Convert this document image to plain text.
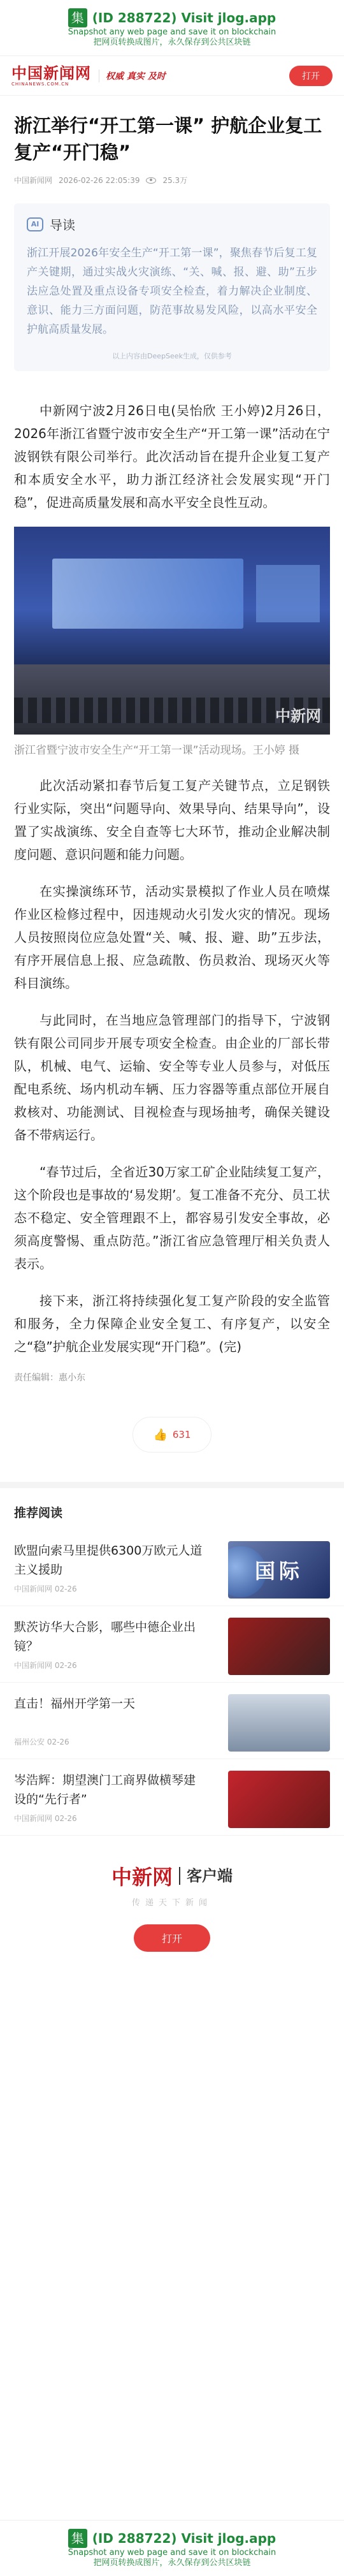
集 (ID 288722) Visit jlog.app
Snapshot any web page and save it on blockchain
把网页转换成图片，永久保存到公共区块链
中国新闻网
CHINANEWS.COM.CN
权威 真实 及时	打开
浙江举行“开工第一课” 护航企业复工复产“开门稳”
中国新闻网 2026-02-26 22:05:39	25.3万
AI 导读
浙江开展2026年安全生产“开工第一课”，聚焦春节后复工复产关键期，通过实战火灾演练、“关、喊、报、避、助”五步法应急处置及重点设备专项安全检查，着力解决企业制度、意识、能力三方面问题，防范事故易发风险，以高水平安全护航高质量发展。
以上内容由DeepSeek生成，仅供参考

中新网宁波2月26日电(吴怡欣 王小婷)2月26日，2026年浙江省暨宁波市安全生产“开工第一课”活动在宁波钢铁有限公司举行。此次活动旨在提升企业复工复产和本质安全水平，助力浙江经济社会发展实现“开门稳”，促进高质量发展和高水平安全良性互动。

中新网
浙江省暨宁波市安全生产“开工第一课”活动现场。王小婷 摄

此次活动紧扣春节后复工复产关键节点，立足钢铁行业实际，突出“问题导向、效果导向、结果导向”，设置了实战演练、安全自查等七大环节，推动企业解决制度问题、意识问题和能力问题。

在实操演练环节，活动实景模拟了作业人员在喷煤作业区检修过程中，因违规动火引发火灾的情况。现场人员按照岗位应急处置“关、喊、报、避、助”五步法，有序开展信息上报、应急疏散、伤员救治、现场灭火等科目演练。

与此同时，在当地应急管理部门的指导下，宁波钢铁有限公司同步开展专项安全检查。由企业的厂部长带队，机械、电气、运输、安全等专业人员参与，对低压配电系统、场内机动车辆、压力容器等重点部位开展自救核对、功能测试、目视检查与现场抽考，确保关键设备不带病运行。

“春节过后，全省近30万家工矿企业陆续复工复产，这个阶段也是事故的‘易发期’。复工准备不充分、员工状态不稳定、安全管理跟不上，都容易引发安全事故，必须高度警惕、重点防范。”浙江省应急管理厅相关负责人表示。

接下来，浙江将持续强化复工复产阶段的安全监管和服务，全力保障企业安全复工、有序复产，以安全之“稳”护航企业发展实现“开门稳”。(完)

责任编辑：惠小东
👍 631
推荐阅读
欧盟向索马里提供6300万欧元人道主义援助
中国新闻网 02-26
国际
默茨访华大合影，哪些中德企业出镜？
中国新闻网 02-26
直击！福州开学第一天
福州公安 02-26
岑浩辉：期望澳门工商界做横琴建设的“先行者”
中国新闻网 02-26
中新网 客户端
传递天下新闻
打开
集 (ID 288722) Visit jlog.app
Snapshot any web page and save it on blockchain
把网页转换成图片，永久保存到公共区块链
